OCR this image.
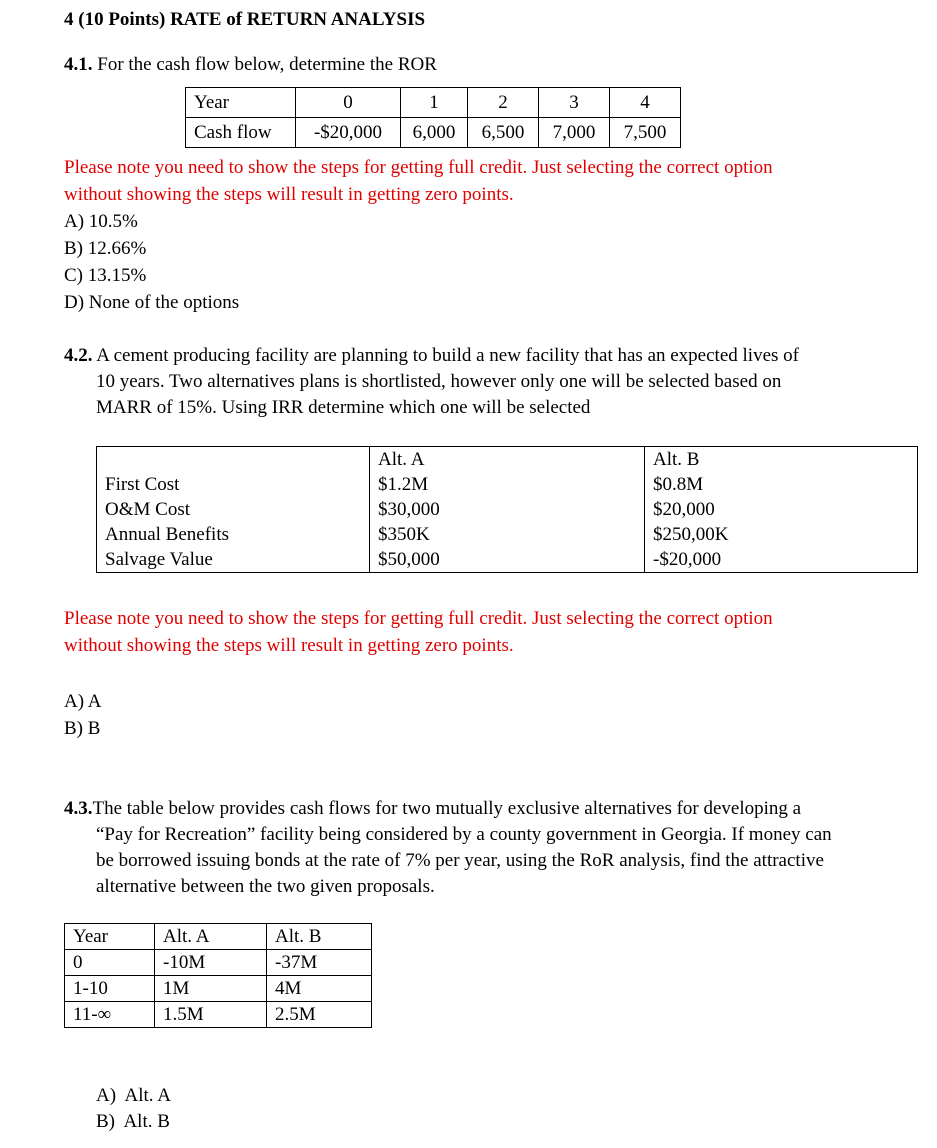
4 (10 Points) RATE of RETURN ANALYSIS
4.1. For the cash flow below, determine the ROR
Year	0	1	2	3	4
Cash flow	-$20,000	6,000	6,500	7,000	7,500
Please note you need to show the steps for getting full credit. Just selecting the correct option
without showing the steps will result in getting zero points.
A) 10.5%
B) 12.66%
C) 13.15%
D) None of the options
4.2. A cement producing facility are planning to build a new facility that has an expected lives of
10 years. Two alternatives plans is shortlisted, however only one will be selected based on
MARR of 15%. Using IRR determine which one will be selected
	Alt. A	Alt. B
First Cost	$1.2M	$0.8M
O&M Cost	$30,000	$20,000
Annual Benefits	$350K	$250,00K
Salvage Value	$50,000	-$20,000
Please note you need to show the steps for getting full credit. Just selecting the correct option
without showing the steps will result in getting zero points.
A) A
B) B
4.3.The table below provides cash flows for two mutually exclusive alternatives for developing a
“Pay for Recreation” facility being considered by a county government in Georgia. If money can
be borrowed issuing bonds at the rate of 7% per year, using the RoR analysis, find the attractive
alternative between the two given proposals.
Year	Alt. A	Alt. B
0	-10M	-37M
1-10	1M	4M
11-∞	1.5M	2.5M
A)  Alt. A
B)  Alt. B
